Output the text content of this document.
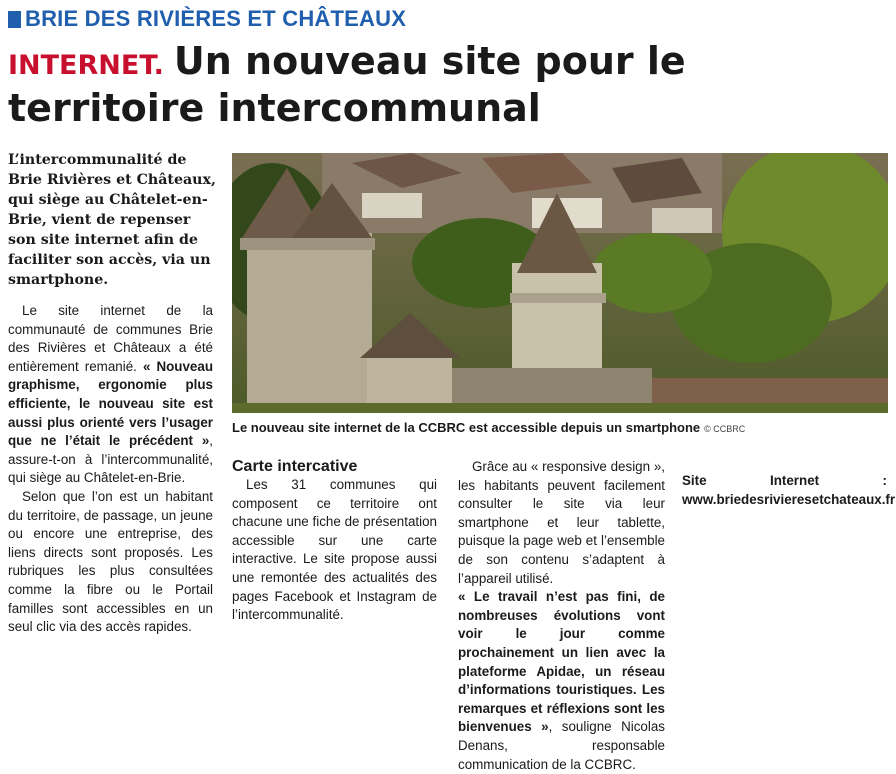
BRIE DES RIVIÈRES ET CHÂTEAUX
INTERNET. Un nouveau site pour le territoire intercommunal
L’intercommunalité de Brie Rivières et Châteaux, qui siège au Châtelet-en-Brie, vient de repenser son site internet afin de faciliter son accès, via un smartphone.
Le nouveau site internet de la CCBRC est accessible depuis un smartphone © CCBRC

Le site internet de la communauté de communes Brie des Rivières et Châteaux a été entièrement remanié. « Nouveau graphisme, ergonomie plus efficiente, le nouveau site est aussi plus orienté vers l’usager que ne l’était le précédent », assure-t-on à l’intercommunalité, qui siège au Châtelet-en-Brie.

Selon que l’on est un habitant du territoire, de passage, un jeune ou encore une entreprise, des liens directs sont proposés. Les rubriques les plus consultées comme la fibre ou le Portail familles sont accessibles en un seul clic via des accès rapides.

Carte intercative

Les 31 communes qui composent ce territoire ont chacune une fiche de présentation accessible sur une carte interactive. Le site propose aussi une remontée des actualités des pages Facebook et Instagram de l’intercommunalité.

Grâce au « responsive design », les habitants peuvent facilement consulter le site via leur smartphone et leur tablette, puisque la page web et l’ensemble de son contenu s’adaptent à l’appareil utilisé.

« Le travail n’est pas fini, de nombreuses évolutions vont voir le jour comme prochainement un lien avec la plateforme Apidae, un réseau d’informations touristiques. Les remarques et réflexions sont les bienvenues », souligne Nicolas Denans, responsable communication de la CCBRC.

Site Internet : www.briedesrivieresetchateaux.fr
